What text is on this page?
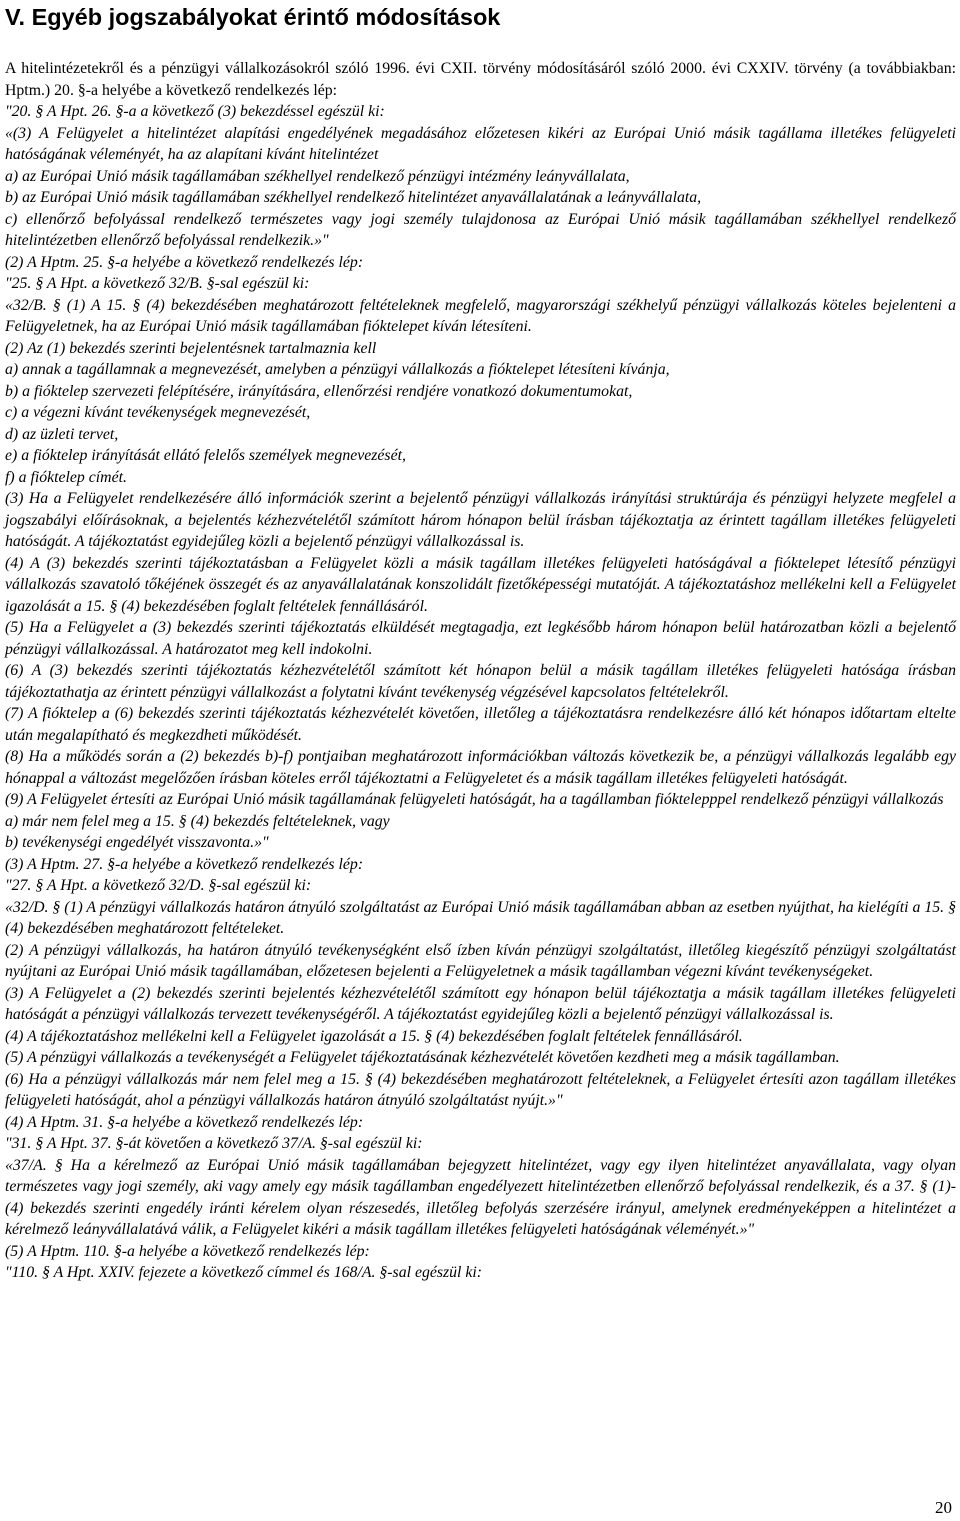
V. Egyéb jogszabályokat érintő módosítások

A hitelintézetekről és a pénzügyi vállalkozásokról szóló 1996. évi CXII. törvény módosításáról szóló 2000. évi CXXIV. törvény (a továbbiakban: Hptm.) 20. §-a helyébe a következő rendelkezés lép:

"20. § A Hpt. 26. §-a a következő (3) bekezdéssel egészül ki:

«(3) A Felügyelet a hitelintézet alapítási engedélyének megadásához előzetesen kikéri az Európai Unió másik tagállama illetékes felügyeleti hatóságának véleményét, ha az alapítani kívánt hitelintézet

a) az Európai Unió másik tagállamában székhellyel rendelkező pénzügyi intézmény leányvállalata,

b) az Európai Unió másik tagállamában székhellyel rendelkező hitelintézet anyavállalatának a leányvállalata,

c) ellenőrző befolyással rendelkező természetes vagy jogi személy tulajdonosa az Európai Unió másik tagállamában székhellyel rendelkező hitelintézetben ellenőrző befolyással rendelkezik.»"

(2) A Hptm. 25. §-a helyébe a következő rendelkezés lép:

"25. § A Hpt. a következő 32/B. §-sal egészül ki:

«32/B. § (1) A 15. § (4) bekezdésében meghatározott feltételeknek megfelelő, magyarországi székhelyű pénzügyi vállalkozás köteles bejelenteni a Felügyeletnek, ha az Európai Unió másik tagállamában fióktelepet kíván létesíteni.

(2) Az (1) bekezdés szerinti bejelentésnek tartalmaznia kell

a) annak a tagállamnak a megnevezését, amelyben a pénzügyi vállalkozás a fióktelepet létesíteni kívánja,

b) a fióktelep szervezeti felépítésére, irányítására, ellenőrzési rendjére vonatkozó dokumentumokat,

c) a végezni kívánt tevékenységek megnevezését,

d) az üzleti tervet,

e) a fióktelep irányítását ellátó felelős személyek megnevezését,

f) a fióktelep címét.

(3) Ha a Felügyelet rendelkezésére álló információk szerint a bejelentő pénzügyi vállalkozás irányítási struktúrája és pénzügyi helyzete megfelel a jogszabályi előírásoknak, a bejelentés kézhezvételétől számított három hónapon belül írásban tájékoztatja az érintett tagállam illetékes felügyeleti hatóságát. A tájékoztatást egyidejűleg közli a bejelentő pénzügyi vállalkozással is.

(4) A (3) bekezdés szerinti tájékoztatásban a Felügyelet közli a másik tagállam illetékes felügyeleti hatóságával a fióktelepet létesítő pénzügyi vállalkozás szavatoló tőkéjének összegét és az anyavállalatának konszolidált fizetőképességi mutatóját. A tájékoztatáshoz mellékelni kell a Felügyelet igazolását a 15. § (4) bekezdésében foglalt feltételek fennállásáról.

(5) Ha a Felügyelet a (3) bekezdés szerinti tájékoztatás elküldését megtagadja, ezt legkésőbb három hónapon belül határozatban közli a bejelentő pénzügyi vállalkozással. A határozatot meg kell indokolni.

(6) A (3) bekezdés szerinti tájékoztatás kézhezvételétől számított két hónapon belül a másik tagállam illetékes felügyeleti hatósága írásban tájékoztathatja az érintett pénzügyi vállalkozást a folytatni kívánt tevékenység végzésével kapcsolatos feltételekről.

(7) A fióktelep a (6) bekezdés szerinti tájékoztatás kézhezvételét követően, illetőleg a tájékoztatásra rendelkezésre álló két hónapos időtartam eltelte után megalapítható és megkezdheti működését.

(8) Ha a működés során a (2) bekezdés b)-f) pontjaiban meghatározott információkban változás következik be, a pénzügyi vállalkozás legalább egy hónappal a változást megelőzően írásban köteles erről tájékoztatni a Felügyeletet és a másik tagállam illetékes felügyeleti hatóságát.

(9) A Felügyelet értesíti az Európai Unió másik tagállamának felügyeleti hatóságát, ha a tagállamban fióktelepppel rendelkező pénzügyi vállalkozás

a) már nem felel meg a 15. § (4) bekezdés feltételeknek, vagy

b) tevékenységi engedélyét visszavonta.»"

(3) A Hptm. 27. §-a helyébe a következő rendelkezés lép:

"27. § A Hpt. a következő 32/D. §-sal egészül ki:

«32/D. § (1) A pénzügyi vállalkozás határon átnyúló szolgáltatást az Európai Unió másik tagállamában abban az esetben nyújthat, ha kielégíti a 15. § (4) bekezdésében meghatározott feltételeket.

(2) A pénzügyi vállalkozás, ha határon átnyúló tevékenységként első ízben kíván pénzügyi szolgáltatást, illetőleg kiegészítő pénzügyi szolgáltatást nyújtani az Európai Unió másik tagállamában, előzetesen bejelenti a Felügyeletnek a másik tagállamban végezni kívánt tevékenységeket.

(3) A Felügyelet a (2) bekezdés szerinti bejelentés kézhezvételétől számított egy hónapon belül tájékoztatja a másik tagállam illetékes felügyeleti hatóságát a pénzügyi vállalkozás tervezett tevékenységéről. A tájékoztatást egyidejűleg közli a bejelentő pénzügyi vállalkozással is.

(4) A tájékoztatáshoz mellékelni kell a Felügyelet igazolását a 15. § (4) bekezdésében foglalt feltételek fennállásáról.

(5) A pénzügyi vállalkozás a tevékenységét a Felügyelet tájékoztatásának kézhezvételét követően kezdheti meg a másik tagállamban.

(6) Ha a pénzügyi vállalkozás már nem felel meg a 15. § (4) bekezdésében meghatározott feltételeknek, a Felügyelet értesíti azon tagállam illetékes felügyeleti hatóságát, ahol a pénzügyi vállalkozás határon átnyúló szolgáltatást nyújt.»"

(4) A Hptm. 31. §-a helyébe a következő rendelkezés lép:

"31. § A Hpt. 37. §-át követően a következő 37/A. §-sal egészül ki:

«37/A. § Ha a kérelmező az Európai Unió másik tagállamában bejegyzett hitelintézet, vagy egy ilyen hitelintézet anyavállalata, vagy olyan természetes vagy jogi személy, aki vagy amely egy másik tagállamban engedélyezett hitelintézetben ellenőrző befolyással rendelkezik, és a 37. § (1)-(4) bekezdés szerinti engedély iránti kérelem olyan részesedés, illetőleg befolyás szerzésére irányul, amelynek eredményeképpen a hitelintézet a kérelmező leányvállalatává válik, a Felügyelet kikéri a másik tagállam illetékes felügyeleti hatóságának véleményét.»"

(5) A Hptm. 110. §-a helyébe a következő rendelkezés lép:

"110. § A Hpt. XXIV. fejezete a következő címmel és 168/A. §-sal egészül ki:

20
